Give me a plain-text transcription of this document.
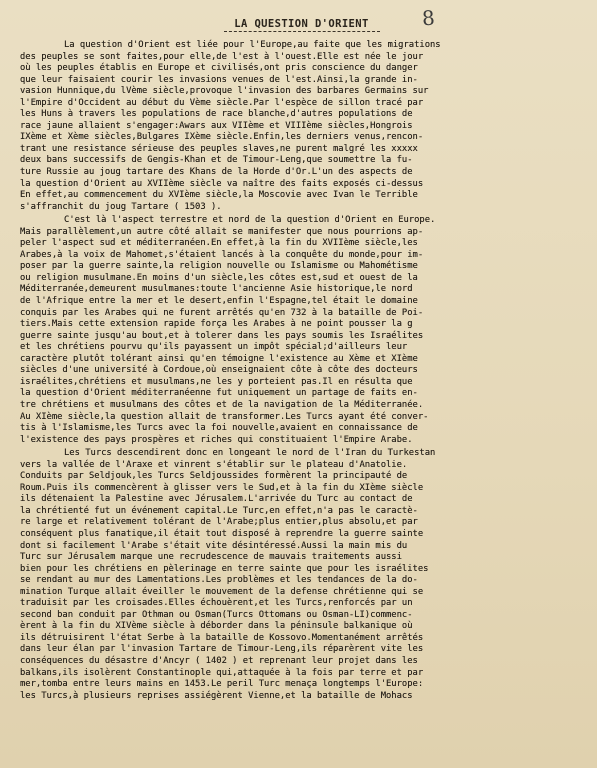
8
LA QUESTION D'ORIENT
La question d'Orient est liée pour l'Europe,au faite que les migrations
des peuples se sont faites,pour elle,de l'est à l'ouest.Elle est née le jour
où les peuples établis en Europe et civilisés,ont pris conscience du danger
que leur faisaient courir les invasions venues de l'est.Ainsi,la grande in-
vasion Hunnique,du lVème siècle,provoque l'invasion des barbares Germains sur
l'Empire d'Occident au début du Vème siècle.Par l'espèce de sillon tracé par
les Huns à travers les populations de race blanche,d'autres populations de
race jaune allaient s'engager:Awars aux VIIème et VIIIème siècles,Hongrois
IXème et Xème siècles,Bulgares IXème siècle.Enfin,les derniers venus,rencon-
trant une resistance sérieuse des peuples slaves,ne purent malgré les xxxxx
deux bans successifs de Gengis-Khan et de Timour-Leng,que soumettre la fu-
ture Russie au joug tartare des Khans de la Horde d'Or.L'un des aspects de
la question d'Orient au XVIIème siècle va naître des faits exposés ci-dessus
En effet,au commencement du XVIème siècle,la Moscovie avec Ivan le Terrible
s'affranchit du joug Tartare ( 1503 ).
C'est là l'aspect terrestre et nord de la question d'Orient en Europe.
Mais parallèlement,un autre côté allait se manifester que nous pourrions ap-
peler l'aspect sud et méditerranéen.En effet,à la fin du XVIIème siècle,les
Arabes,à la voix de Mahomet,s'étaient lancés à la conquête du monde,pour im-
poser par la guerre sainte,la religion nouvelle ou Islamisme ou Mahométisme
ou religion musulmane.En moins d'un siècle,les côtes est,sud et ouest de la
Méditerranée,demeurent musulmanes:toute l'ancienne Asie historique,le nord
de l'Afrique entre la mer et le desert,enfin l'Espagne,tel était le domaine
conquis par les Arabes qui ne furent arrêtés qu'en 732 à la bataille de Poi-
tiers.Mais cette extension rapide força les Arabes à ne point pousser la g
guerre sainte jusqu'au bout,et à tolerer dans les pays soumis les Israélites
et les chrétiens pourvu qu'ils payassent un impôt spécial;d'ailleurs leur
caractère plutôt tolérant ainsi qu'en témoigne l'existence au Xème et XIème
siècles d'une université à Cordoue,où enseignaient côte à côte des docteurs
israélites,chrétiens et musulmans,ne les y porteient pas.Il en résulta que
la question d'Orient méditerranéenne fut uniquement un partage de faits en-
tre chrétiens et musulmans des côtes et de la navigation de la Méditerranée.
Au XIème siècle,la question allait de transformer.Les Turcs ayant été conver-
tis à l'Islamisme,les Turcs avec la foi nouvelle,avaient en connaissance de
l'existence des pays prospères et riches qui constituaient l'Empire Arabe.
Les Turcs descendirent donc en longeant le nord de l'Iran du Turkestan
vers la vallée de l'Araxe et vinrent s'établir sur le plateau d'Anatolie.
Conduits par Seldjouk,les Turcs Seldjoussides formèrent la principauté de
Roum.Puis ils commencèrent à glisser vers le Sud,et à la fin du XIème siècle
ils détenaient la Palestine avec Jérusalem.L'arrivée du Turc au contact de
la chrétienté fut un événement capital.Le Turc,en effet,n'a pas le caractè-
re large et relativement tolérant de l'Arabe;plus entier,plus absolu,et par
conséquent plus fanatique,il était tout disposé à reprendre la guerre sainte
dont si facilement l'Arabe s'était vite désintéressé.Aussi la main mis du
Turc sur Jérusalem marque une recrudescence de mauvais traitements aussi
bien pour les chrétiens en pèlerinage en terre sainte que pour les israélites
se rendant au mur des Lamentations.Les problèmes et les tendances de la do-
mination Turque allait éveiller le mouvement de la defense chrétienne qui se
traduisit par les croisades.Elles échouèrent,et les Turcs,renforcés par un
second ban conduit par Othman ou Osman(Turcs Ottomans ou Osman-LI)commenc-
èrent à la fin du XIVème siècle à déborder dans la péninsule balkanique où
ils détruisirent l'état Serbe à la bataille de Kossovo.Momentanément arrêtés
dans leur élan par l'invasion Tartare de Timour-Leng,ils réparèrent vite les
conséquences du désastre d'Ancyr ( 1402 ) et reprenant leur projet dans les
balkans,ils isolèrent Constantinople qui,attaquée à la fois par terre et par
mer,tomba entre leurs mains en 1453.Le peril Turc menaça longtemps l'Europe:
les Turcs,à plusieurs reprises assiégèrent Vienne,et la bataille de Mohacs
